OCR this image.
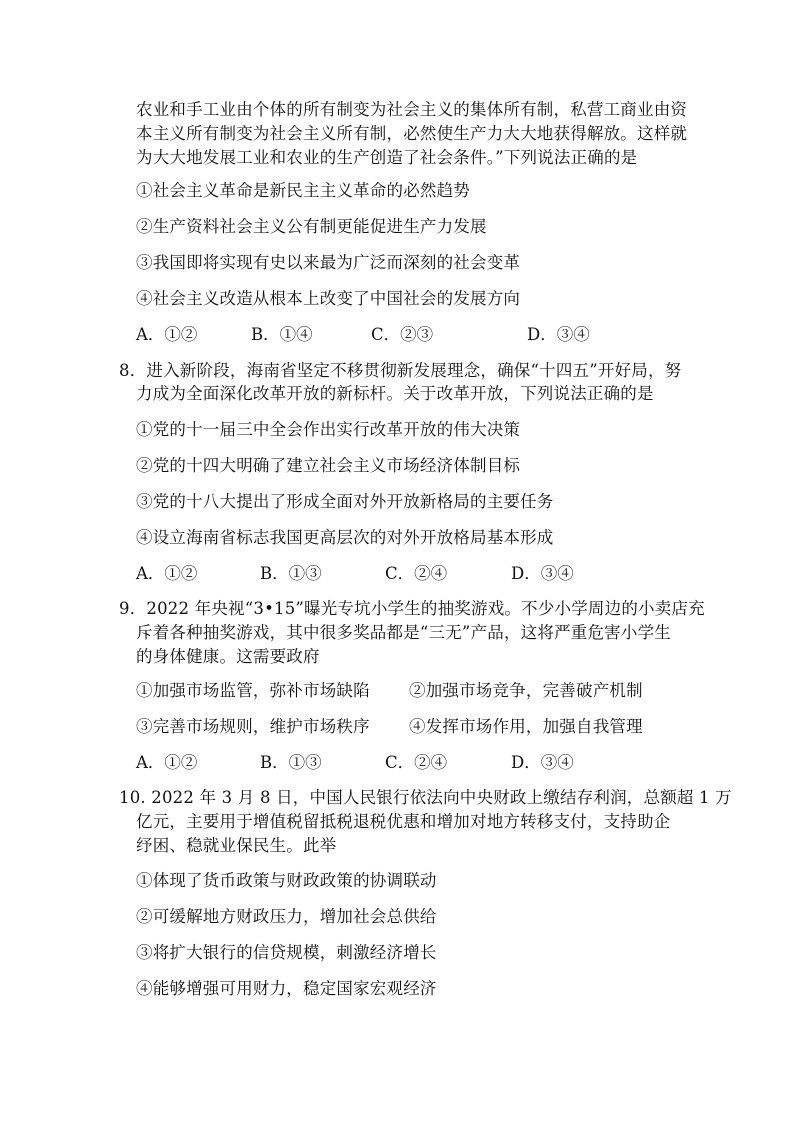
农业和手工业由个体的所有制变为社会主义的集体所有制，私营工商业由资
本主义所有制变为社会主义所有制，必然使生产力大大地获得解放。这样就
为大大地发展工业和农业的生产创造了社会条件。”下列说法正确的是
①社会主义革命是新民主主义革命的必然趋势
②生产资料社会主义公有制更能促进生产力发展
③我国即将实现有史以来最为广泛而深刻的社会变革
④社会主义改造从根本上改变了中国社会的发展方向
A．①②	B．①④	C．②③	D．③④
8．进入新阶段，海南省坚定不移贯彻新发展理念，确保“十四五”开好局，努
力成为全面深化改革开放的新标杆。关于改革开放，下列说法正确的是
①党的十一届三中全会作出实行改革开放的伟大决策
②党的十四大明确了建立社会主义市场经济体制目标
③党的十八大提出了形成全面对外开放新格局的主要任务
④设立海南省标志我国更高层次的对外开放格局基本形成
A．①②	B．①③	C．②④	D．③④
9．2022 年央视“3•15”曝光专坑小学生的抽奖游戏。不少小学周边的小卖店充
斥着各种抽奖游戏，其中很多奖品都是“三无”产品，这将严重危害小学生
的身体健康。这需要政府
①加强市场监管，弥补市场缺陷 ②加强市场竞争，完善破产机制
③完善市场规则，维护市场秩序 ④发挥市场作用，加强自我管理
A．①②	B．①③	C．②④	D．③④
10. 2022 年 3 月 8 日，中国人民银行依法向中央财政上缴结存利润，总额超 1 万
亿元，主要用于增值税留抵税退税优惠和增加对地方转移支付，支持助企
纾困、稳就业保民生。此举
①体现了货币政策与财政政策的协调联动
②可缓解地方财政压力，增加社会总供给
③将扩大银行的信贷规模，刺激经济增长
④能够增强可用财力，稳定国家宏观经济
